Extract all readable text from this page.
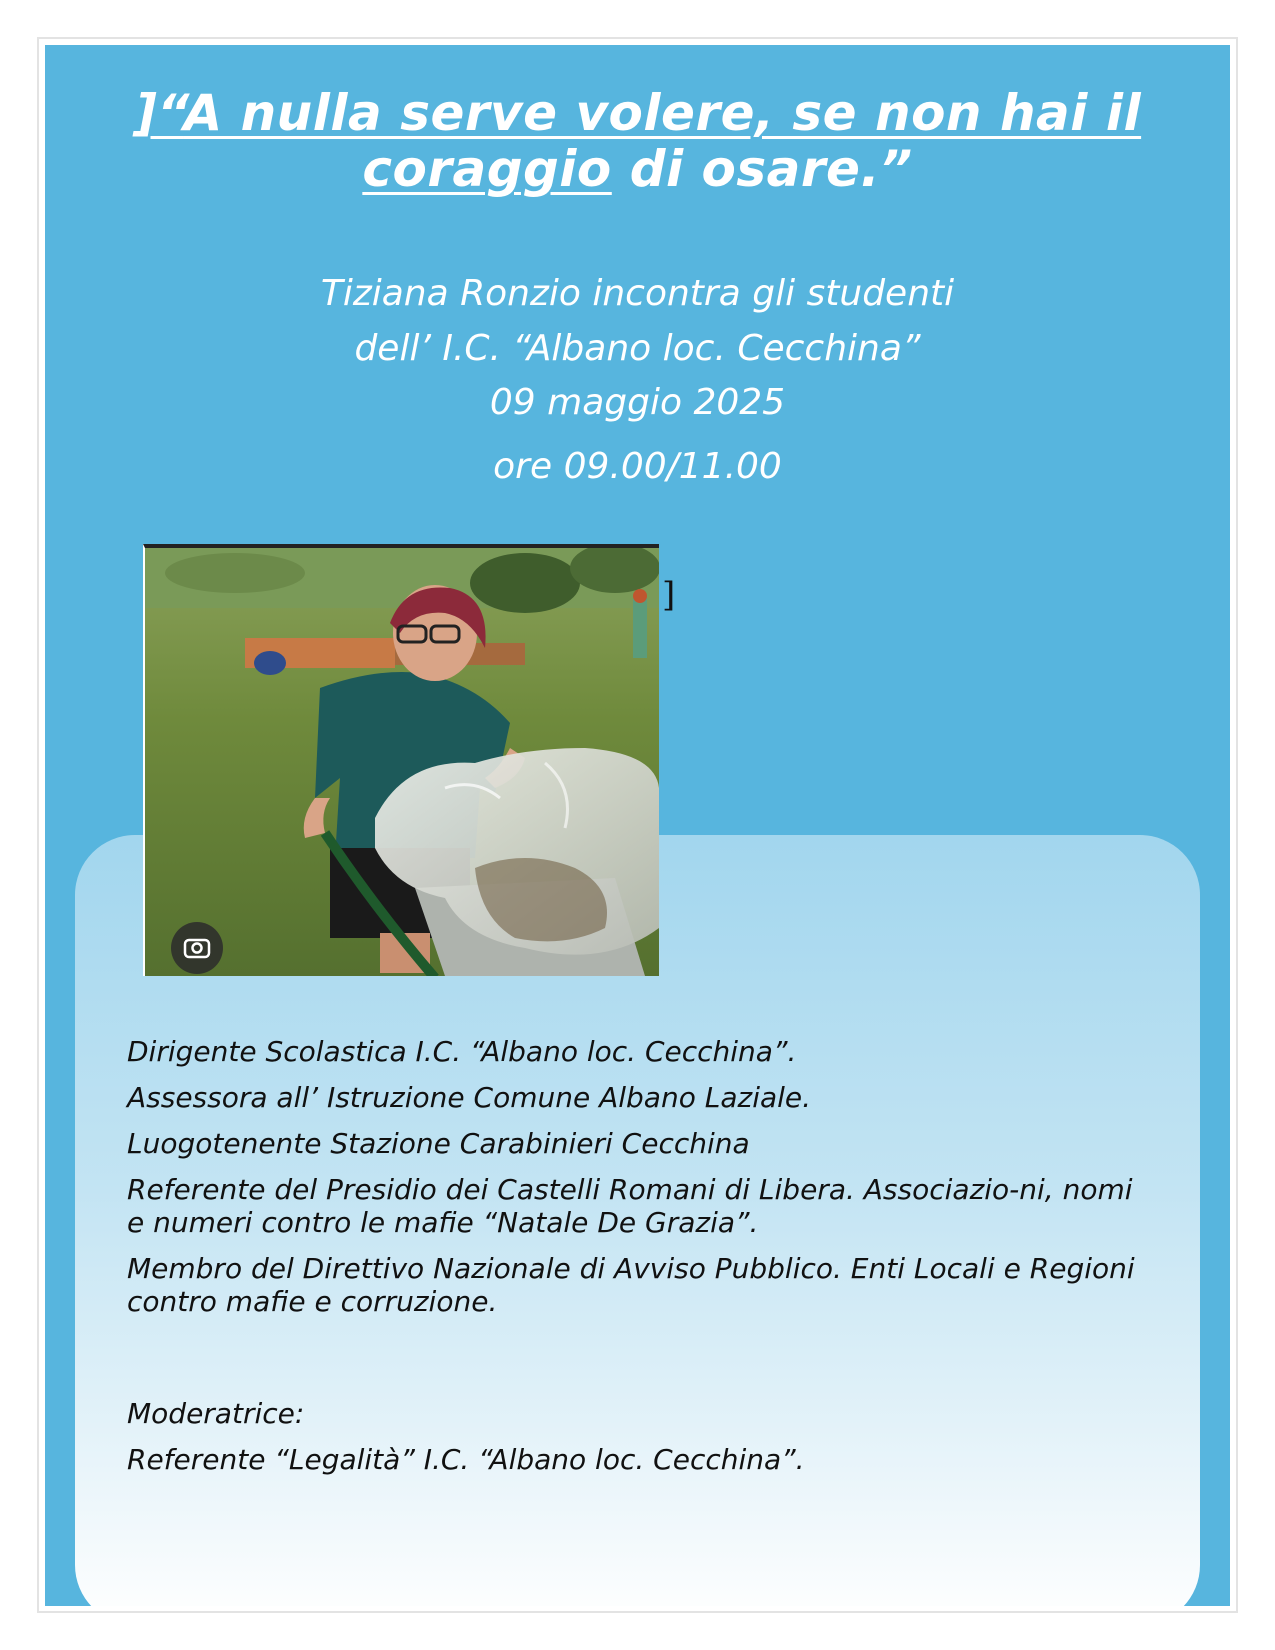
]“A nulla serve volere, se non hai il coraggio di osare.”
Tiziana Ronzio incontra gli studenti
dell’ I.C. “Albano loc. Cecchina”
09 maggio 2025
ore 09.00/11.00
]
Dirigente Scolastica I.C. “Albano loc. Cecchina”.
Assessora all’ Istruzione Comune Albano Laziale.
Luogotenente Stazione Carabinieri Cecchina
Referente del Presidio dei Castelli Romani di Libera. Associazio-ni, nomi e numeri contro le mafie “Natale De Grazia”.
Membro del Direttivo Nazionale di Avviso Pubblico. Enti Locali e Regioni contro mafie e corruzione.
Moderatrice:
Referente “Legalità” I.C. “Albano loc. Cecchina”.
